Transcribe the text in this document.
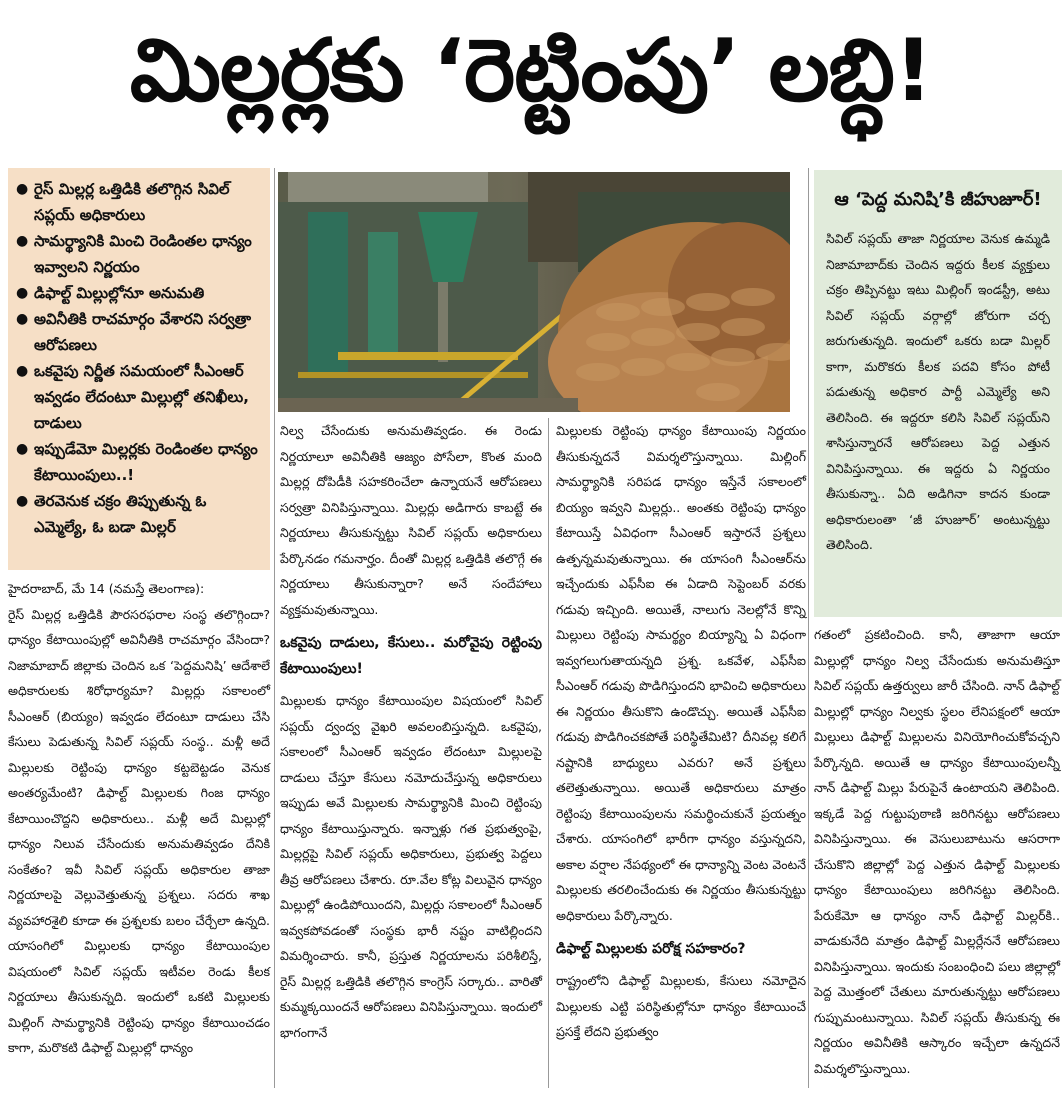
మిల్లర్లకు ‘రెట్టింపు’ లబ్ధి!
● రైస్ మిల్లర్ల ఒత్తిడికి తలొగ్గిన సివిల్ సప్లయ్ అధికారులు
● సామర్థ్యానికి మించి రెండింతల ధాన్యం ఇవ్వాలని నిర్ణయం
● డిఫాల్ట్ మిల్లుల్లోనూ అనుమతి
● అవినీతికి రాచమార్గం వేశారని సర్వత్రా ఆరోపణలు
● ఒకవైపు నిర్ణీత సమయంలో సీఎంఆర్ ఇవ్వడం లేదంటూ మిల్లుల్లో తనిఖీలు, దాడులు
● ఇప్పుడేమో మిల్లర్లకు రెండింతల ధాన్యం కేటాయింపులు..!
● తెరవెనుక చక్రం తిప్పుతున్న ఓ ఎమ్మెల్యే, ఓ బడా మిల్లర్
ఆ ‘పెద్ద మనిషి’కి జీహుజూర్!
సివిల్ సప్లయ్ తాజా నిర్ణయాల వెనుక ఉమ్మడి నిజామాబాద్‌కు చెందిన ఇద్దరు కీలక వ్యక్తులు చక్రం తిప్పినట్టు ఇటు మిల్లింగ్ ఇండస్ట్రీ, అటు సివిల్ సప్లయ్ వర్గాల్లో జోరుగా చర్చ జరుగుతున్నది. ఇందులో ఒకరు బడా మిల్లర్ కాగా, మరొకరు కీలక పదవి కోసం పోటీ పడుతున్న అధికార పార్టీ ఎమ్మెల్యే అని తెలిసింది. ఈ ఇద్దరూ కలిసి సివిల్ సప్లయ్‌ని శాసిస్తున్నారనే ఆరోపణలు పెద్ద ఎత్తున వినిపిస్తున్నాయి. ఈ ఇద్దరు ఏ నిర్ణయం తీసుకున్నా.. ఏది అడిగినా కాదన కుండా అధికారులంతా ‘జీ హుజూర్’ అంటున్నట్టు తెలిసింది.

హైదరాబాద్, మే 14 (నమస్తే తెలంగాణ):

రైస్ మిల్లర్ల ఒత్తిడికి పౌరసరఫరాల సంస్థ తలొగ్గిందా? ధాన్యం కేటాయింపుల్లో అవినీతికి రాచమార్గం వేసిందా? నిజామాబాద్ జిల్లాకు చెందిన ఒక ‘పెద్దమనిషి’ ఆదేశాలే అధికారులకు శిరోధార్యమా? మిల్లర్లు సకాలంలో సీఎంఆర్ (బియ్యం) ఇవ్వడం లేదంటూ దాడులు చేసి కేసులు పెడుతున్న సివిల్ సప్లయ్ సంస్థ.. మళ్లీ అదే మిల్లులకు రెట్టింపు ధాన్యం కట్టబెట్టడం వెనుక అంతర్యమేంటి? డిఫాల్ట్ మిల్లులకు గింజ ధాన్యం కేటాయించొద్దని అధికారులు.. మళ్లీ అదే మిల్లుల్లో ధాన్యం నిలువ చేసేందుకు అనుమతివ్వడం దేనికి సంకేతం? ఇవీ సివిల్ సప్లయ్ అధికారుల తాజా నిర్ణయాలపై వెల్లువెత్తుతున్న ప్రశ్నలు. సదరు శాఖ వ్యవహారశైలి కూడా ఈ ప్రశ్నలకు బలం చేర్చేలా ఉన్నది. యాసంగిలో మిల్లులకు ధాన్యం కేటాయింపుల విషయంలో సివిల్ సప్లయ్ ఇటీవల రెండు కీలక నిర్ణయాలు తీసుకున్నది. ఇందులో ఒకటి మిల్లులకు మిల్లింగ్ సామర్థ్యానికి రెట్టింపు ధాన్యం కేటాయించడం కాగా, మరొకటి డిఫాల్ట్ మిల్లుల్లో ధాన్యం

నిల్వ చేసేందుకు అనుమతివ్వడం. ఈ రెండు నిర్ణయాలూ అవినీతికి ఆజ్యం పోసేలా, కొంత మంది మిల్లర్ల దోపిడీకి సహకరించేలా ఉన్నాయనే ఆరోపణలు సర్వత్రా వినిపిస్తున్నాయి. మిల్లర్లు అడిగారు కాబట్టే ఈ నిర్ణయాలు తీసుకున్నట్టు సివిల్ సప్లయ్ అధికారులు పేర్కొనడం గమనార్హం. దీంతో మిల్లర్ల ఒత్తిడికి తలొగ్గే ఈ నిర్ణయాలు తీసుకున్నారా? అనే సందేహాలు వ్యక్తమవుతున్నాయి.

ఒకవైపు దాడులు, కేసులు.. మరోవైపు రెట్టింపు కేటాయింపులు!

మిల్లులకు ధాన్యం కేటాయింపుల విషయంలో సివిల్ సప్లయ్ ద్వంద్వ వైఖరి అవలంబిస్తున్నది. ఒకవైపు, సకాలంలో సీఎంఆర్ ఇవ్వడం లేదంటూ మిల్లులపై దాడులు చేస్తూ కేసులు నమోదుచేస్తున్న అధికారులు ఇప్పుడు అవే మిల్లులకు సామర్థ్యానికి మించి రెట్టింపు ధాన్యం కేటాయిస్తున్నారు. ఇన్నాళ్లు గత ప్రభుత్వంపై, మిల్లర్లపై సివిల్ సప్లయ్ అధికారులు, ప్రభుత్వ పెద్దలు తీవ్ర ఆరోపణలు చేశారు. రూ.వేల కోట్ల విలువైన ధాన్యం మిల్లుల్లో ఉండిపోయిందని, మిల్లర్లు సకాలంలో సీఎంఆర్ ఇవ్వకపోవడంతో సంస్థకు భారీ నష్టం వాటిల్లిందని విమర్శించారు. కానీ, ప్రస్తుత నిర్ణయాలను పరిశీలిస్తే, రైస్ మిల్లర్ల ఒత్తిడికి తలొగ్గిన కాంగ్రెస్ సర్కారు.. వారితో కుమ్మక్కయిందనే ఆరోపణలు వినిపిస్తున్నాయి. ఇందులో భాగంగానే

మిల్లులకు రెట్టింపు ధాన్యం కేటాయింపు నిర్ణయం తీసుకున్నదనే విమర్శలొస్తున్నాయి. మిల్లింగ్ సామర్థ్యానికి సరిపడ ధాన్యం ఇస్తేనే సకాలంలో బియ్యం ఇవ్వని మిల్లర్లు.. అంతకు రెట్టింపు ధాన్యం కేటాయిస్తే ఏవిధంగా సీఎంఆర్ ఇస్తారనే ప్రశ్నలు ఉత్పన్నమవుతున్నాయి. ఈ యాసంగి సీఎంఆర్‌ను ఇచ్చేందుకు ఎఫ్‌సీఐ ఈ ఏడాది సెప్టెంబర్ వరకు గడువు ఇచ్చింది. అయితే, నాలుగు నెలల్లోనే కొన్ని మిల్లులు రెట్టింపు సామర్థ్యం బియ్యాన్ని ఏ విధంగా ఇవ్వగలుగుతాయన్నది ప్రశ్న. ఒకవేళ, ఎఫ్‌సీఐ సీఎంఆర్ గడువు పొడిగిస్తుందని భావించి అధికారులు ఈ నిర్ణయం తీసుకొని ఉండొచ్చు. అయితే ఎఫ్‌సీఐ గడువు పొడిగించకపోతే పరిస్థితేమిటి? దీనివల్ల కలిగే నష్టానికి బాధ్యులు ఎవరు? అనే ప్రశ్నలు తలెత్తుతున్నాయి. అయితే అధికారులు మాత్రం రెట్టింపు కేటాయింపులను సమర్థించుకునే ప్రయత్నం చేశారు. యాసంగిలో భారీగా ధాన్యం వస్తున్నదని, అకాల వర్షాల నేపథ్యంలో ఈ ధాన్యాన్ని వెంట వెంటనే మిల్లులకు తరలించేందుకు ఈ నిర్ణయం తీసుకున్నట్టు అధికారులు పేర్కొన్నారు.

డిఫాల్ట్ మిల్లులకు పరోక్ష సహకారం?

రాష్ట్రంలోని డిఫాల్ట్ మిల్లులకు, కేసులు నమోదైన మిల్లులకు ఎట్టి పరిస్థితుల్లోనూ ధాన్యం కేటాయించే ప్రసక్తే లేదని ప్రభుత్వం

గతంలో ప్రకటించింది. కానీ, తాజాగా ఆయా మిల్లుల్లో ధాన్యం నిల్వ చేసేందుకు అనుమతిస్తూ సివిల్ సప్లయ్ ఉత్తర్వులు జారీ చేసింది. నాన్ డిఫాల్ట్ మిల్లుల్లో ధాన్యం నిల్వకు స్థలం లేనిపక్షంలో ఆయా మిల్లులు డిఫాల్ట్ మిల్లులను వినియోగించుకోవచ్చని పేర్కొన్నది. అయితే ఆ ధాన్యం కేటాయింపులన్నీ నాన్ డిఫాల్ట్ మిల్లు పేరుపైనే ఉంటాయని తెలిపింది. ఇక్కడే పెద్ద గుట్టుపుఠాణి జరిగినట్టు ఆరోపణలు వినిపిస్తున్నాయి. ఈ వెసులుబాటును ఆసరాగా చేసుకొని జిల్లాల్లో పెద్ద ఎత్తున డిఫాల్ట్ మిల్లులకు ధాన్యం కేటాయింపులు జరిగినట్టు తెలిసింది. పేరుకేమో ఆ ధాన్యం నాన్ డిఫాల్ట్ మిల్లర్‌కి.. వాడుకునేది మాత్రం డిఫాల్ట్ మిల్లర్లేననే ఆరోపణలు వినిపిస్తున్నాయి. ఇందుకు సంబంధించి పలు జిల్లాల్లో పెద్ద మొత్తంలో చేతులు మారుతున్నట్టు ఆరోపణలు గుప్పుమంటున్నాయి. సివిల్ సప్లయ్ తీసుకున్న ఈ నిర్ణయం అవినీతికి ఆస్కారం ఇచ్చేలా ఉన్నదనే విమర్శలొస్తున్నాయి.
